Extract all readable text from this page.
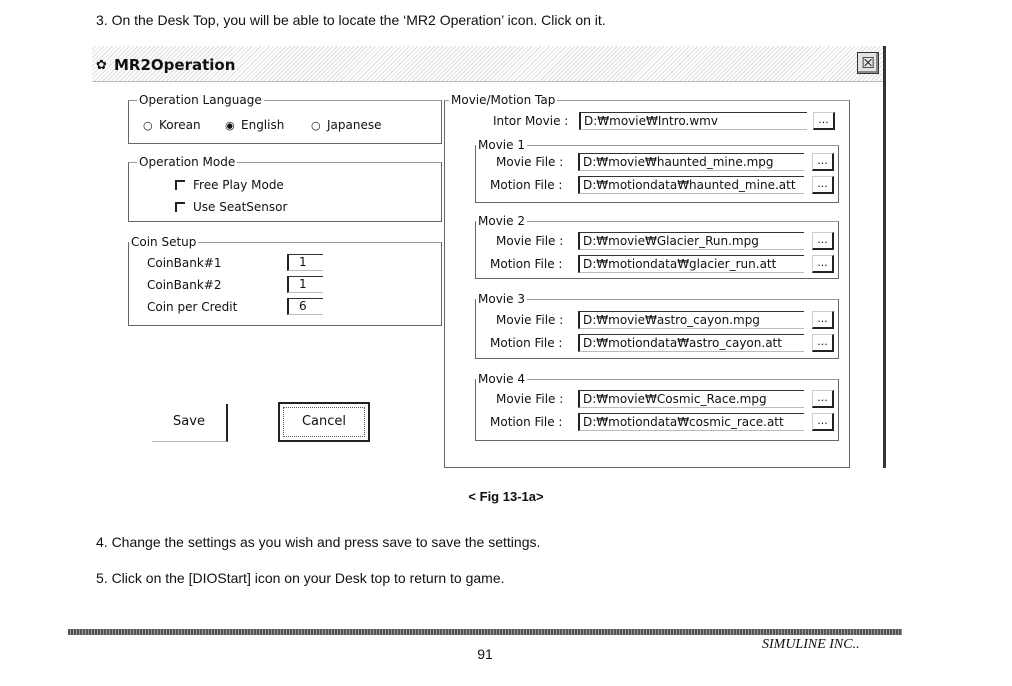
3. On the Desk Top, you will be able to locate the ‘MR2 Operation’ icon. Click on it.
✿ MR2Operation	☒
Operation Language
○ Korean ◉ English ○ Japanese
Operation Mode
Free Play Mode
Use SeatSensor
Coin Setup
CoinBank#1	1
CoinBank#2	1
Coin per Credit	6
Save	Cancel
Movie/Motion Tap
Intor Movie :	D:₩movie₩Intro.wmv	...
Movie 1
Movie File :	D:₩movie₩haunted_mine.mpg	...
Motion File :	D:₩motiondata₩haunted_mine.att	...
Movie 2
Movie File :	D:₩movie₩Glacier_Run.mpg	...
Motion File :	D:₩motiondata₩glacier_run.att	...
Movie 3
Movie File :	D:₩movie₩astro_cayon.mpg	...
Motion File :	D:₩motiondata₩astro_cayon.att	...
Movie 4
Movie File :	D:₩movie₩Cosmic_Race.mpg	...
Motion File :	D:₩motiondata₩cosmic_race.att	...
< Fig 13-1a>
4. Change the settings as you wish and press save to save the settings.
5. Click on the [DIOStart] icon on your Desk top to return to game.
SIMULINE INC..
91
